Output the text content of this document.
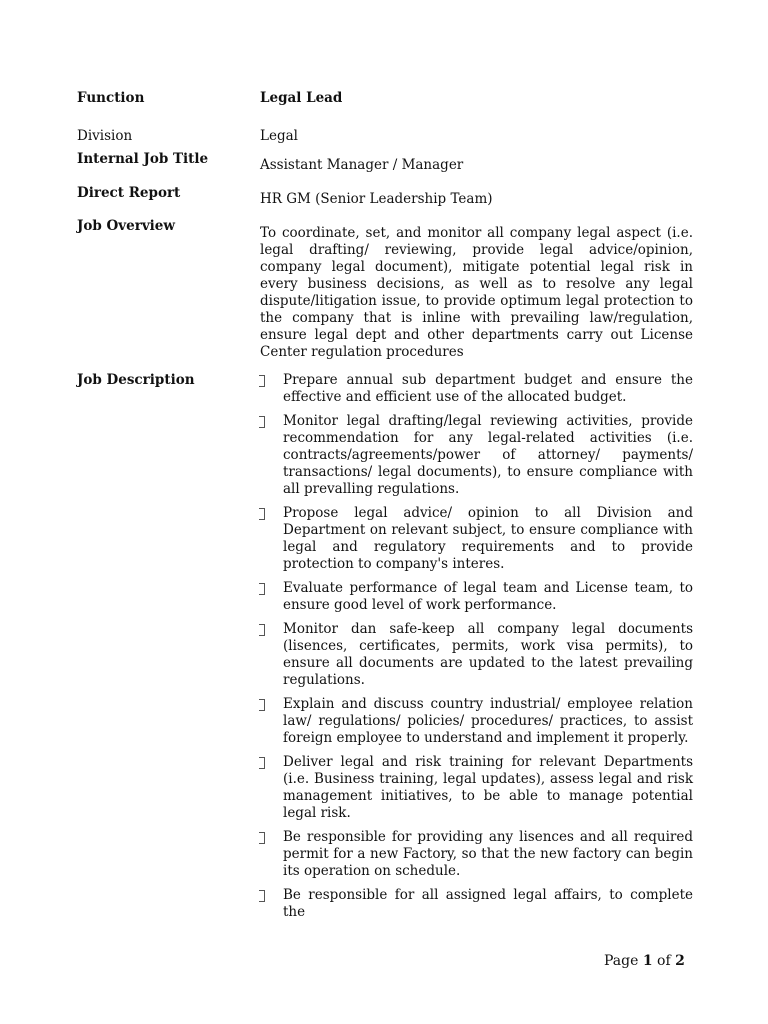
Function	Legal Lead
Division	Legal
Internal Job Title	Assistant Manager / Manager
Direct Report	HR GM (Senior Leadership Team)
Job Overview	To coordinate, set, and monitor all company legal aspect (i.e. legal drafting/ reviewing, provide legal advice/opinion, company legal document), mitigate potential legal risk in every business decisions, as well as to resolve any legal dispute/litigation issue, to provide optimum legal protection to the company that is inline with prevailing law/regulation, ensure legal dept and other departments carry out License Center regulation procedures

Job Description	Prepare annual sub department budget and ensure the effective and efficient use of the allocated budget.
Monitor legal drafting/legal reviewing activities, provide recommendation for any legal-related activities (i.e. contracts/agreements/power of attorney/ payments/ transactions/ legal documents), to ensure compliance with all prevalling regulations.
Propose legal advice/ opinion to all Division and Department on relevant subject, to ensure compliance with legal and regulatory requirements and to provide protection to company's interes.
Evaluate performance of legal team and License team, to ensure good level of work performance.
Monitor dan safe-keep all company legal documents (lisences, certificates, permits, work visa permits), to ensure all documents are updated to the latest prevailing regulations.
Explain and discuss country industrial/ employee relation law/ regulations/ policies/ procedures/ practices, to assist foreign employee to understand and implement it properly.
Deliver legal and risk training for relevant Departments (i.e. Business training, legal updates), assess legal and risk management initiatives, to be able to manage potential legal risk.
Be responsible for providing any lisences and all required permit for a new Factory, so that the new factory can begin its operation on schedule.
Be responsible for all assigned legal affairs, to complete the
Page 1 of 2
